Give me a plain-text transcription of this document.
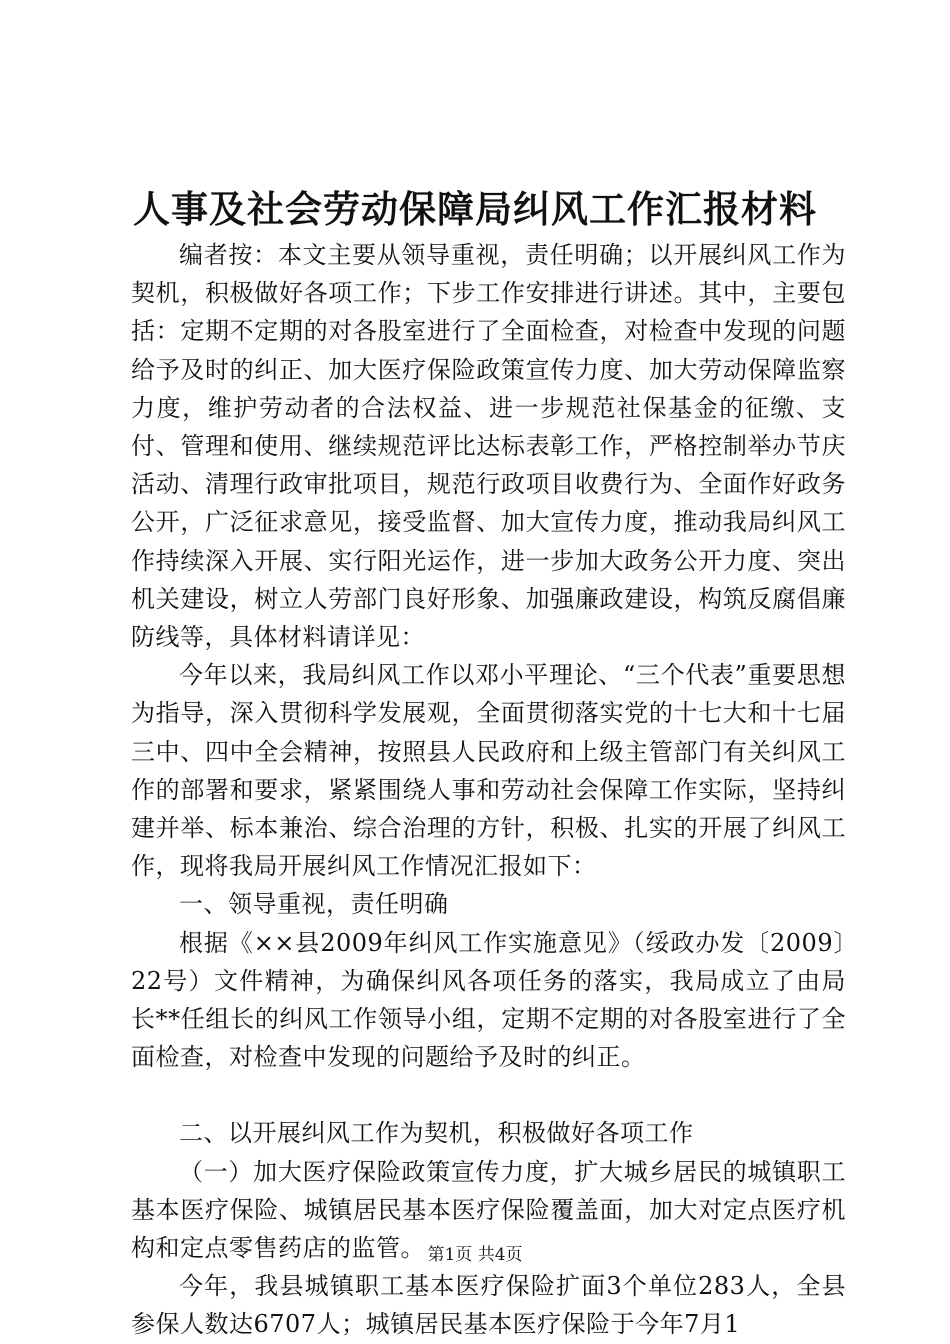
人事及社会劳动保障局纠风工作汇报材料

编者按：本文主要从领导重视，责任明确；以开展纠风工作为契机，积极做好各项工作；下步工作安排进行讲述。其中，主要包括：定期不定期的对各股室进行了全面检查，对检查中发现的问题给予及时的纠正、加大医疗保险政策宣传力度、加大劳动保障监察力度，维护劳动者的合法权益、进一步规范社保基金的征缴、支付、管理和使用、继续规范评比达标表彰工作，严格控制举办节庆活动、清理行政审批项目，规范行政项目收费行为、全面作好政务公开，广泛征求意见，接受监督、加大宣传力度，推动我局纠风工作持续深入开展、实行阳光运作，进一步加大政务公开力度、突出机关建设，树立人劳部门良好形象、加强廉政建设，构筑反腐倡廉防线等，具体材料请详见：

今年以来，我局纠风工作以邓小平理论、“三个代表”重要思想为指导，深入贯彻科学发展观，全面贯彻落实党的十七大和十七届三中、四中全会精神，按照县人民政府和上级主管部门有关纠风工作的部署和要求，紧紧围绕人事和劳动社会保障工作实际，坚持纠建并举、标本兼治、综合治理的方针，积极、扎实的开展了纠风工作，现将我局开展纠风工作情况汇报如下：

一、领导重视，责任明确

根据《××县2009年纠风工作实施意见》（绥政办发〔2009〕22号）文件精神，为确保纠风各项任务的落实，我局成立了由局长**任组长的纠风工作领导小组，定期不定期的对各股室进行了全面检查，对检查中发现的问题给予及时的纠正。

二、以开展纠风工作为契机，积极做好各项工作

（一）加大医疗保险政策宣传力度，扩大城乡居民的城镇职工基本医疗保险、城镇居民基本医疗保险覆盖面，加大对定点医疗机构和定点零售药店的监管。

今年，我县城镇职工基本医疗保险扩面3个单位283人，全县参保人数达6707人；城镇居民基本医疗保险于今年7月1

第1页 共4页
